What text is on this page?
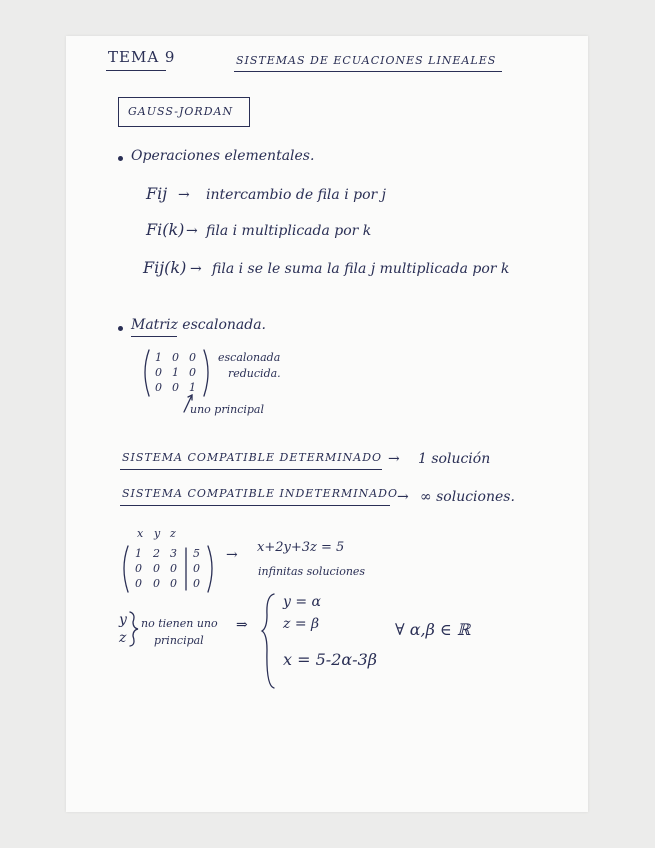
TEMA 9	SISTEMAS DE ECUACIONES LINEALES
GAUSS-JORDAN
Operaciones elementales.
Fij → intercambio de fila i por j
Fi(k) → fila i multiplicada por k
Fij(k) → fila i se le suma la fila j multiplicada por k
Matriz escalonada.
1 0 0
0 1 0
0 0 1
escalonada
reducida.
uno principal
SISTEMA COMPATIBLE DETERMINADO → 1 solución
SISTEMA COMPATIBLE INDETERMINADO → ∞ soluciones.
x y z
1 2 3
0 0 0
0 0 0
5
0
0
→ x+2y+3z = 5
infinitas soluciones
y
z
no tienen uno
principal
⇒
y = α
z = β
x = 5-2α-3β
∀ α,β ∈ ℝ
